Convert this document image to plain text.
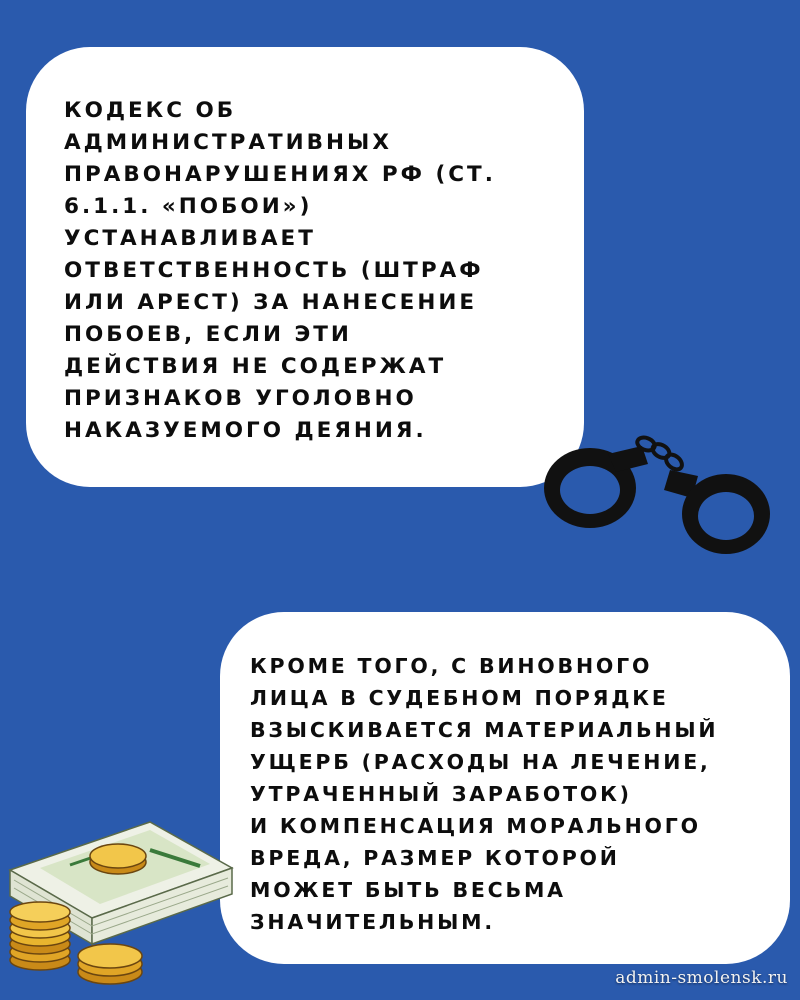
КОДЕКС ОБ
АДМИНИСТРАТИВНЫХ
ПРАВОНАРУШЕНИЯХ РФ (СТ.
6.1.1. «ПОБОИ»)
УСТАНАВЛИВАЕТ
ОТВЕТСТВЕННОСТЬ (ШТРАФ
ИЛИ АРЕСТ) ЗА НАНЕСЕНИЕ
ПОБОЕВ, ЕСЛИ ЭТИ
ДЕЙСТВИЯ НЕ СОДЕРЖАТ
ПРИЗНАКОВ УГОЛОВНО
НАКАЗУЕМОГО ДЕЯНИЯ.

КРОМЕ ТОГО, С ВИНОВНОГО
ЛИЦА В СУДЕБНОМ ПОРЯДКЕ
ВЗЫСКИВАЕТСЯ МАТЕРИАЛЬНЫЙ
УЩЕРБ (РАСХОДЫ НА ЛЕЧЕНИЕ,
УТРАЧЕННЫЙ ЗАРАБОТОК)
И КОМПЕНСАЦИЯ МОРАЛЬНОГО
ВРЕДА, РАЗМЕР КОТОРОЙ
МОЖЕТ БЫТЬ ВЕСЬМА
ЗНАЧИТЕЛЬНЫМ.

admin-smolensk.ru
